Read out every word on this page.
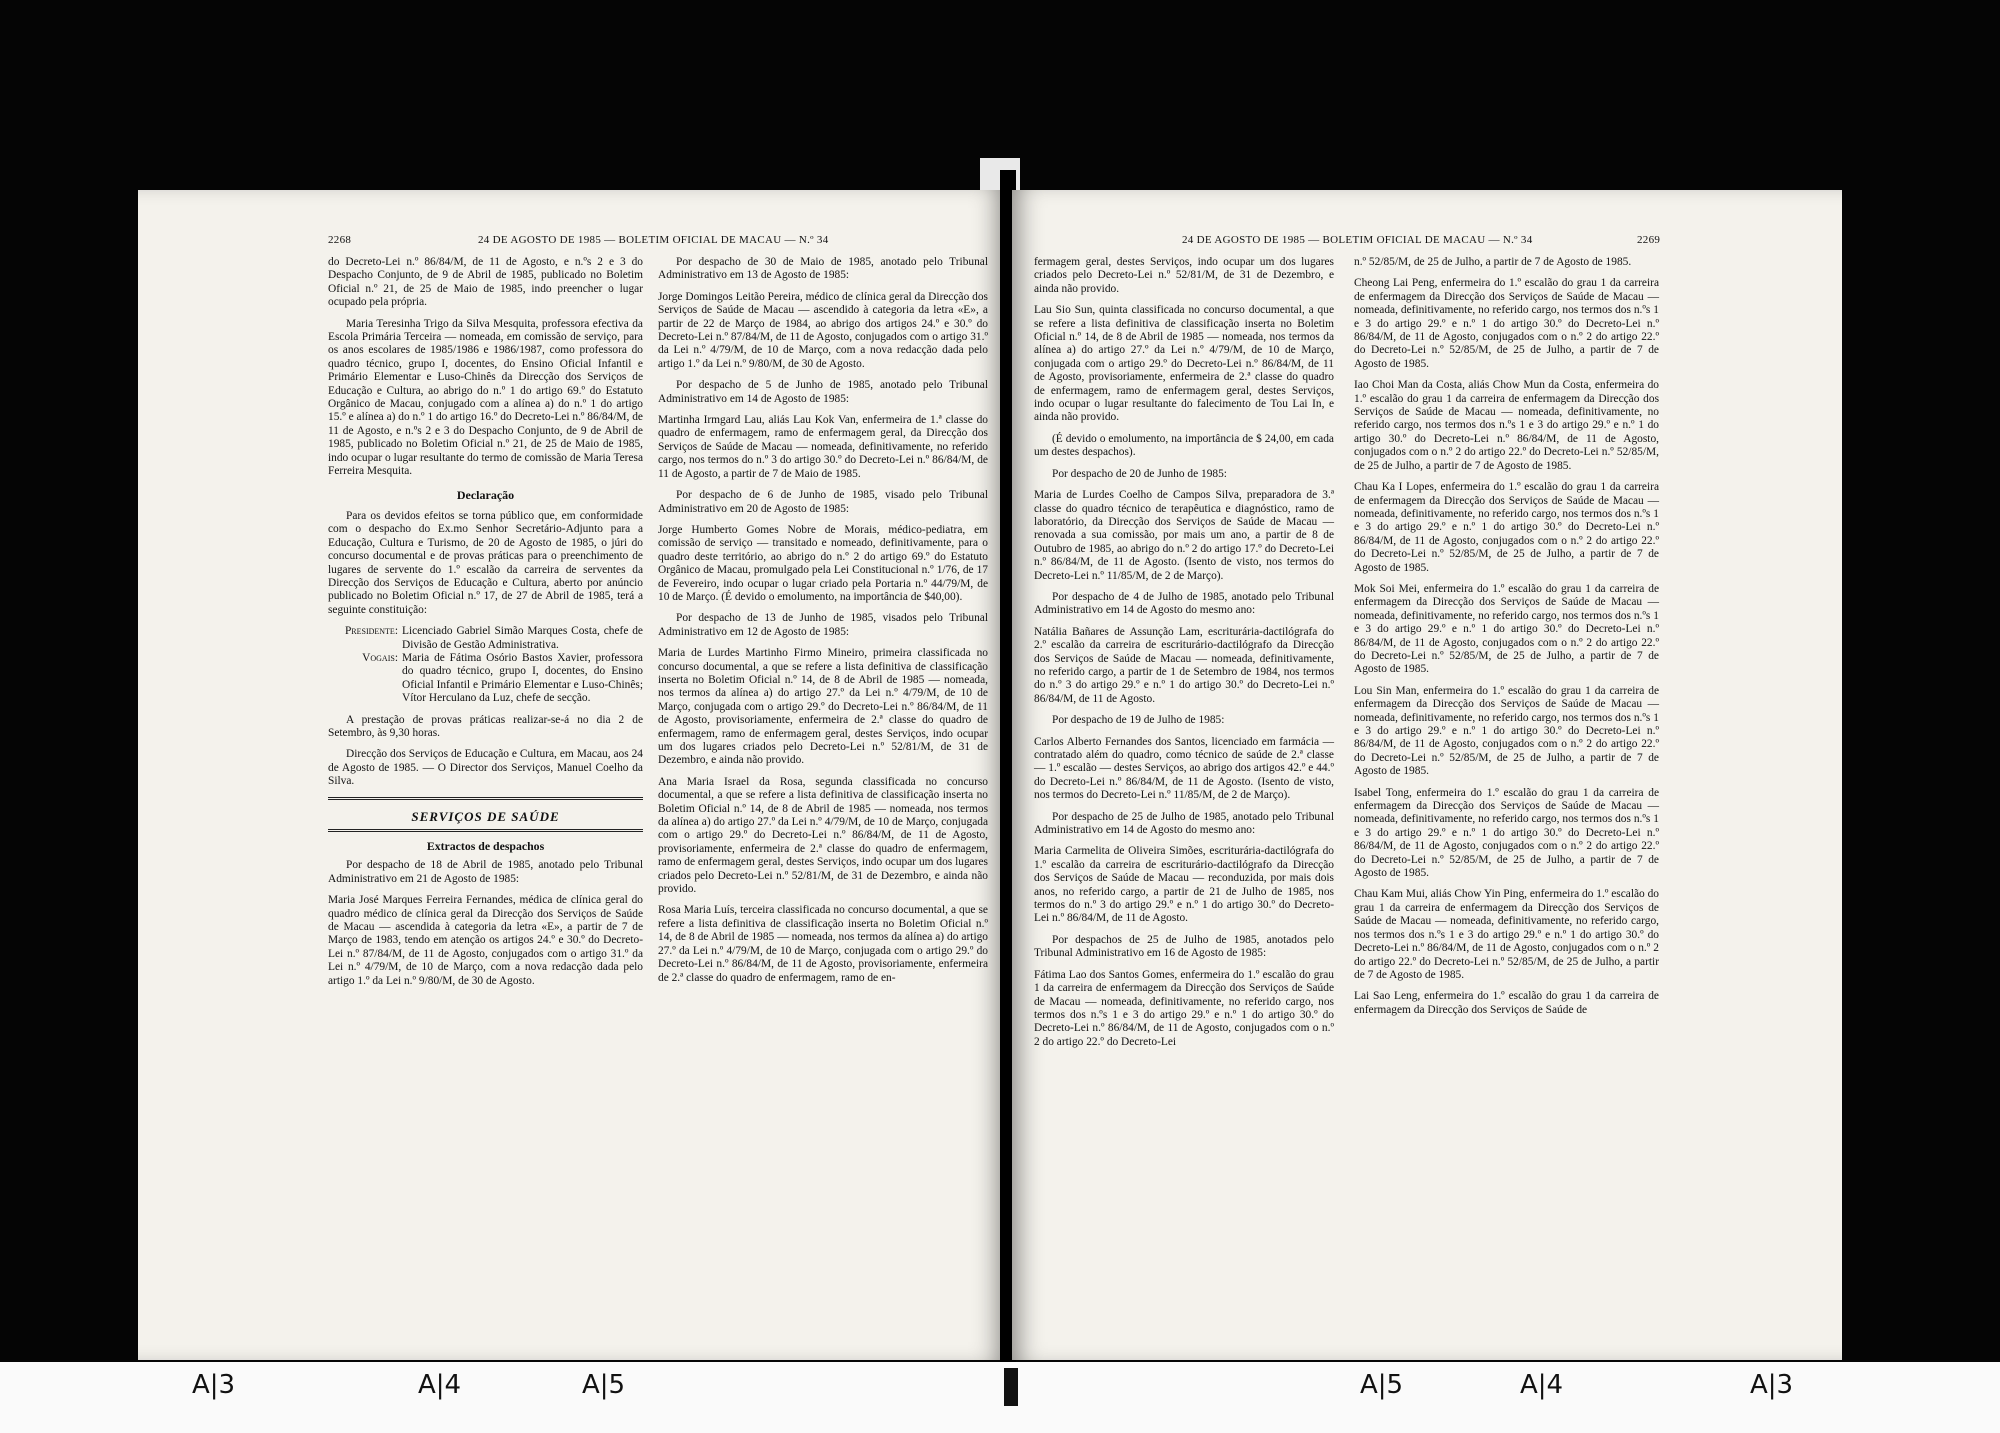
2268	24 DE AGOSTO DE 1985 — BOLETIM OFICIAL DE MACAU — N.º 34

do Decreto-Lei n.º 86/84/M, de 11 de Agosto, e n.ºs 2 e 3 do Despacho Conjunto, de 9 de Abril de 1985, publicado no Boletim Oficial n.º 21, de 25 de Maio de 1985, indo preencher o lugar ocupado pela própria.

Maria Teresinha Trigo da Silva Mesquita, professora efectiva da Escola Primária Terceira — nomeada, em comissão de serviço, para os anos escolares de 1985/1986 e 1986/1987, como professora do quadro técnico, grupo I, docentes, do Ensino Oficial Infantil e Primário Elementar e Luso-Chinês da Direcção dos Serviços de Educação e Cultura, ao abrigo do n.º 1 do artigo 69.º do Estatuto Orgânico de Macau, conjugado com a alínea a) do n.º 1 do artigo 15.º e alínea a) do n.º 1 do artigo 16.º do Decreto-Lei n.º 86/84/M, de 11 de Agosto, e n.ºs 2 e 3 do Despacho Conjunto, de 9 de Abril de 1985, publicado no Boletim Oficial n.º 21, de 25 de Maio de 1985, indo ocupar o lugar resultante do termo de comissão de Maria Teresa Ferreira Mesquita.

Declaração

Para os devidos efeitos se torna público que, em conformidade com o despacho do Ex.mo Senhor Secretário-Adjunto para a Educação, Cultura e Turismo, de 20 de Agosto de 1985, o júri do concurso documental e de provas práticas para o preenchimento de lugares de servente do 1.º escalão da carreira de serventes da Direcção dos Serviços de Educação e Cultura, aberto por anúncio publicado no Boletim Oficial n.º 17, de 27 de Abril de 1985, terá a seguinte constituição:

Presidente: Licenciado Gabriel Simão Marques Costa, chefe de Divisão de Gestão Administrativa.
Vogais: Maria de Fátima Osório Bastos Xavier, professora do quadro técnico, grupo I, docentes, do Ensino Oficial Infantil e Primário Elementar e Luso-Chinês; Vítor Herculano da Luz, chefe de secção.

A prestação de provas práticas realizar-se-á no dia 2 de Setembro, às 9,30 horas.

Direcção dos Serviços de Educação e Cultura, em Macau, aos 24 de Agosto de 1985. — O Director dos Serviços, Manuel Coelho da Silva.

SERVIÇOS DE SAÚDE
Extractos de despachos

Por despacho de 18 de Abril de 1985, anotado pelo Tribunal Administrativo em 21 de Agosto de 1985:

Maria José Marques Ferreira Fernandes, médica de clínica geral do quadro médico de clínica geral da Direcção dos Serviços de Saúde de Macau — ascendida à categoria da letra «E», a partir de 7 de Março de 1983, tendo em atenção os artigos 24.º e 30.º do Decreto-Lei n.º 87/84/M, de 11 de Agosto, conjugados com o artigo 31.º da Lei n.º 4/79/M, de 10 de Março, com a nova redacção dada pelo artigo 1.º da Lei n.º 9/80/M, de 30 de Agosto.

Por despacho de 30 de Maio de 1985, anotado pelo Tribunal Administrativo em 13 de Agosto de 1985:

Jorge Domingos Leitão Pereira, médico de clínica geral da Direcção dos Serviços de Saúde de Macau — ascendido à categoria da letra «E», a partir de 22 de Março de 1984, ao abrigo dos artigos 24.º e 30.º do Decreto-Lei n.º 87/84/M, de 11 de Agosto, conjugados com o artigo 31.º da Lei n.º 4/79/M, de 10 de Março, com a nova redacção dada pelo artigo 1.º da Lei n.º 9/80/M, de 30 de Agosto.

Por despacho de 5 de Junho de 1985, anotado pelo Tribunal Administrativo em 14 de Agosto de 1985:

Martinha Irmgard Lau, aliás Lau Kok Van, enfermeira de 1.ª classe do quadro de enfermagem, ramo de enfermagem geral, da Direcção dos Serviços de Saúde de Macau — nomeada, definitivamente, no referido cargo, nos termos do n.º 3 do artigo 30.º do Decreto-Lei n.º 86/84/M, de 11 de Agosto, a partir de 7 de Maio de 1985.

Por despacho de 6 de Junho de 1985, visado pelo Tribunal Administrativo em 20 de Agosto de 1985:

Jorge Humberto Gomes Nobre de Morais, médico-pediatra, em comissão de serviço — transitado e nomeado, definitivamente, para o quadro deste território, ao abrigo do n.º 2 do artigo 69.º do Estatuto Orgânico de Macau, promulgado pela Lei Constitucional n.º 1/76, de 17 de Fevereiro, indo ocupar o lugar criado pela Portaria n.º 44/79/M, de 10 de Março. (É devido o emolumento, na importância de $40,00).

Por despacho de 13 de Junho de 1985, visados pelo Tribunal Administrativo em 12 de Agosto de 1985:

Maria de Lurdes Martinho Firmo Mineiro, primeira classificada no concurso documental, a que se refere a lista definitiva de classificação inserta no Boletim Oficial n.º 14, de 8 de Abril de 1985 — nomeada, nos termos da alínea a) do artigo 27.º da Lei n.º 4/79/M, de 10 de Março, conjugada com o artigo 29.º do Decreto-Lei n.º 86/84/M, de 11 de Agosto, provisoriamente, enfermeira de 2.ª classe do quadro de enfermagem, ramo de enfermagem geral, destes Serviços, indo ocupar um dos lugares criados pelo Decreto-Lei n.º 52/81/M, de 31 de Dezembro, e ainda não provido.

Ana Maria Israel da Rosa, segunda classificada no concurso documental, a que se refere a lista definitiva de classificação inserta no Boletim Oficial n.º 14, de 8 de Abril de 1985 — nomeada, nos termos da alínea a) do artigo 27.º da Lei n.º 4/79/M, de 10 de Março, conjugada com o artigo 29.º do Decreto-Lei n.º 86/84/M, de 11 de Agosto, provisoriamente, enfermeira de 2.ª classe do quadro de enfermagem, ramo de enfermagem geral, destes Serviços, indo ocupar um dos lugares criados pelo Decreto-Lei n.º 52/81/M, de 31 de Dezembro, e ainda não provido.

Rosa Maria Luís, terceira classificada no concurso documental, a que se refere a lista definitiva de classificação inserta no Boletim Oficial n.º 14, de 8 de Abril de 1985 — nomeada, nos termos da alínea a) do artigo 27.º da Lei n.º 4/79/M, de 10 de Março, conjugada com o artigo 29.º do Decreto-Lei n.º 86/84/M, de 11 de Agosto, provisoriamente, enfermeira de 2.ª classe do quadro de enfermagem, ramo de en-

24 DE AGOSTO DE 1985 — BOLETIM OFICIAL DE MACAU — N.º 34	2269

fermagem geral, destes Serviços, indo ocupar um dos lugares criados pelo Decreto-Lei n.º 52/81/M, de 31 de Dezembro, e ainda não provido.

Lau Sio Sun, quinta classificada no concurso documental, a que se refere a lista definitiva de classificação inserta no Boletim Oficial n.º 14, de 8 de Abril de 1985 — nomeada, nos termos da alínea a) do artigo 27.º da Lei n.º 4/79/M, de 10 de Março, conjugada com o artigo 29.º do Decreto-Lei n.º 86/84/M, de 11 de Agosto, provisoriamente, enfermeira de 2.ª classe do quadro de enfermagem, ramo de enfermagem geral, destes Serviços, indo ocupar o lugar resultante do falecimento de Tou Lai In, e ainda não provido.

(É devido o emolumento, na importância de $ 24,00, em cada um destes despachos).

Por despacho de 20 de Junho de 1985:

Maria de Lurdes Coelho de Campos Silva, preparadora de 3.ª classe do quadro técnico de terapêutica e diagnóstico, ramo de laboratório, da Direcção dos Serviços de Saúde de Macau — renovada a sua comissão, por mais um ano, a partir de 8 de Outubro de 1985, ao abrigo do n.º 2 do artigo 17.º do Decreto-Lei n.º 86/84/M, de 11 de Agosto. (Isento de visto, nos termos do Decreto-Lei n.º 11/85/M, de 2 de Março).

Por despacho de 4 de Julho de 1985, anotado pelo Tribunal Administrativo em 14 de Agosto do mesmo ano:

Natália Bañares de Assunção Lam, escriturária-dactilógrafa do 2.º escalão da carreira de escriturário-dactilógrafo da Direcção dos Serviços de Saúde de Macau — nomeada, definitivamente, no referido cargo, a partir de 1 de Setembro de 1984, nos termos do n.º 3 do artigo 29.º e n.º 1 do artigo 30.º do Decreto-Lei n.º 86/84/M, de 11 de Agosto.

Por despacho de 19 de Julho de 1985:

Carlos Alberto Fernandes dos Santos, licenciado em farmácia — contratado além do quadro, como técnico de saúde de 2.ª classe — 1.º escalão — destes Serviços, ao abrigo dos artigos 42.º e 44.º do Decreto-Lei n.º 86/84/M, de 11 de Agosto. (Isento de visto, nos termos do Decreto-Lei n.º 11/85/M, de 2 de Março).

Por despacho de 25 de Julho de 1985, anotado pelo Tribunal Administrativo em 14 de Agosto do mesmo ano:

Maria Carmelita de Oliveira Simões, escriturária-dactilógrafa do 1.º escalão da carreira de escriturário-dactilógrafo da Direcção dos Serviços de Saúde de Macau — reconduzida, por mais dois anos, no referido cargo, a partir de 21 de Julho de 1985, nos termos do n.º 3 do artigo 29.º e n.º 1 do artigo 30.º do Decreto-Lei n.º 86/84/M, de 11 de Agosto.

Por despachos de 25 de Julho de 1985, anotados pelo Tribunal Administrativo em 16 de Agosto de 1985:

Fátima Lao dos Santos Gomes, enfermeira do 1.º escalão do grau 1 da carreira de enfermagem da Direcção dos Serviços de Saúde de Macau — nomeada, definitivamente, no referido cargo, nos termos dos n.ºs 1 e 3 do artigo 29.º e n.º 1 do artigo 30.º do Decreto-Lei n.º 86/84/M, de 11 de Agosto, conjugados com o n.º 2 do artigo 22.º do Decreto-Lei

n.º 52/85/M, de 25 de Julho, a partir de 7 de Agosto de 1985.

Cheong Lai Peng, enfermeira do 1.º escalão do grau 1 da carreira de enfermagem da Direcção dos Serviços de Saúde de Macau — nomeada, definitivamente, no referido cargo, nos termos dos n.ºs 1 e 3 do artigo 29.º e n.º 1 do artigo 30.º do Decreto-Lei n.º 86/84/M, de 11 de Agosto, conjugados com o n.º 2 do artigo 22.º do Decreto-Lei n.º 52/85/M, de 25 de Julho, a partir de 7 de Agosto de 1985.

Iao Choi Man da Costa, aliás Chow Mun da Costa, enfermeira do 1.º escalão do grau 1 da carreira de enfermagem da Direcção dos Serviços de Saúde de Macau — nomeada, definitivamente, no referido cargo, nos termos dos n.ºs 1 e 3 do artigo 29.º e n.º 1 do artigo 30.º do Decreto-Lei n.º 86/84/M, de 11 de Agosto, conjugados com o n.º 2 do artigo 22.º do Decreto-Lei n.º 52/85/M, de 25 de Julho, a partir de 7 de Agosto de 1985.

Chau Ka I Lopes, enfermeira do 1.º escalão do grau 1 da carreira de enfermagem da Direcção dos Serviços de Saúde de Macau — nomeada, definitivamente, no referido cargo, nos termos dos n.ºs 1 e 3 do artigo 29.º e n.º 1 do artigo 30.º do Decreto-Lei n.º 86/84/M, de 11 de Agosto, conjugados com o n.º 2 do artigo 22.º do Decreto-Lei n.º 52/85/M, de 25 de Julho, a partir de 7 de Agosto de 1985.

Mok Soi Mei, enfermeira do 1.º escalão do grau 1 da carreira de enfermagem da Direcção dos Serviços de Saúde de Macau — nomeada, definitivamente, no referido cargo, nos termos dos n.ºs 1 e 3 do artigo 29.º e n.º 1 do artigo 30.º do Decreto-Lei n.º 86/84/M, de 11 de Agosto, conjugados com o n.º 2 do artigo 22.º do Decreto-Lei n.º 52/85/M, de 25 de Julho, a partir de 7 de Agosto de 1985.

Lou Sin Man, enfermeira do 1.º escalão do grau 1 da carreira de enfermagem da Direcção dos Serviços de Saúde de Macau — nomeada, definitivamente, no referido cargo, nos termos dos n.ºs 1 e 3 do artigo 29.º e n.º 1 do artigo 30.º do Decreto-Lei n.º 86/84/M, de 11 de Agosto, conjugados com o n.º 2 do artigo 22.º do Decreto-Lei n.º 52/85/M, de 25 de Julho, a partir de 7 de Agosto de 1985.

Isabel Tong, enfermeira do 1.º escalão do grau 1 da carreira de enfermagem da Direcção dos Serviços de Saúde de Macau — nomeada, definitivamente, no referido cargo, nos termos dos n.ºs 1 e 3 do artigo 29.º e n.º 1 do artigo 30.º do Decreto-Lei n.º 86/84/M, de 11 de Agosto, conjugados com o n.º 2 do artigo 22.º do Decreto-Lei n.º 52/85/M, de 25 de Julho, a partir de 7 de Agosto de 1985.

Chau Kam Mui, aliás Chow Yin Ping, enfermeira do 1.º escalão do grau 1 da carreira de enfermagem da Direcção dos Serviços de Saúde de Macau — nomeada, definitivamente, no referido cargo, nos termos dos n.ºs 1 e 3 do artigo 29.º e n.º 1 do artigo 30.º do Decreto-Lei n.º 86/84/M, de 11 de Agosto, conjugados com o n.º 2 do artigo 22.º do Decreto-Lei n.º 52/85/M, de 25 de Julho, a partir de 7 de Agosto de 1985.

Lai Sao Leng, enfermeira do 1.º escalão do grau 1 da carreira de enfermagem da Direcção dos Serviços de Saúde de

A|3	A|4	A|5	A|5	A|4	A|3
